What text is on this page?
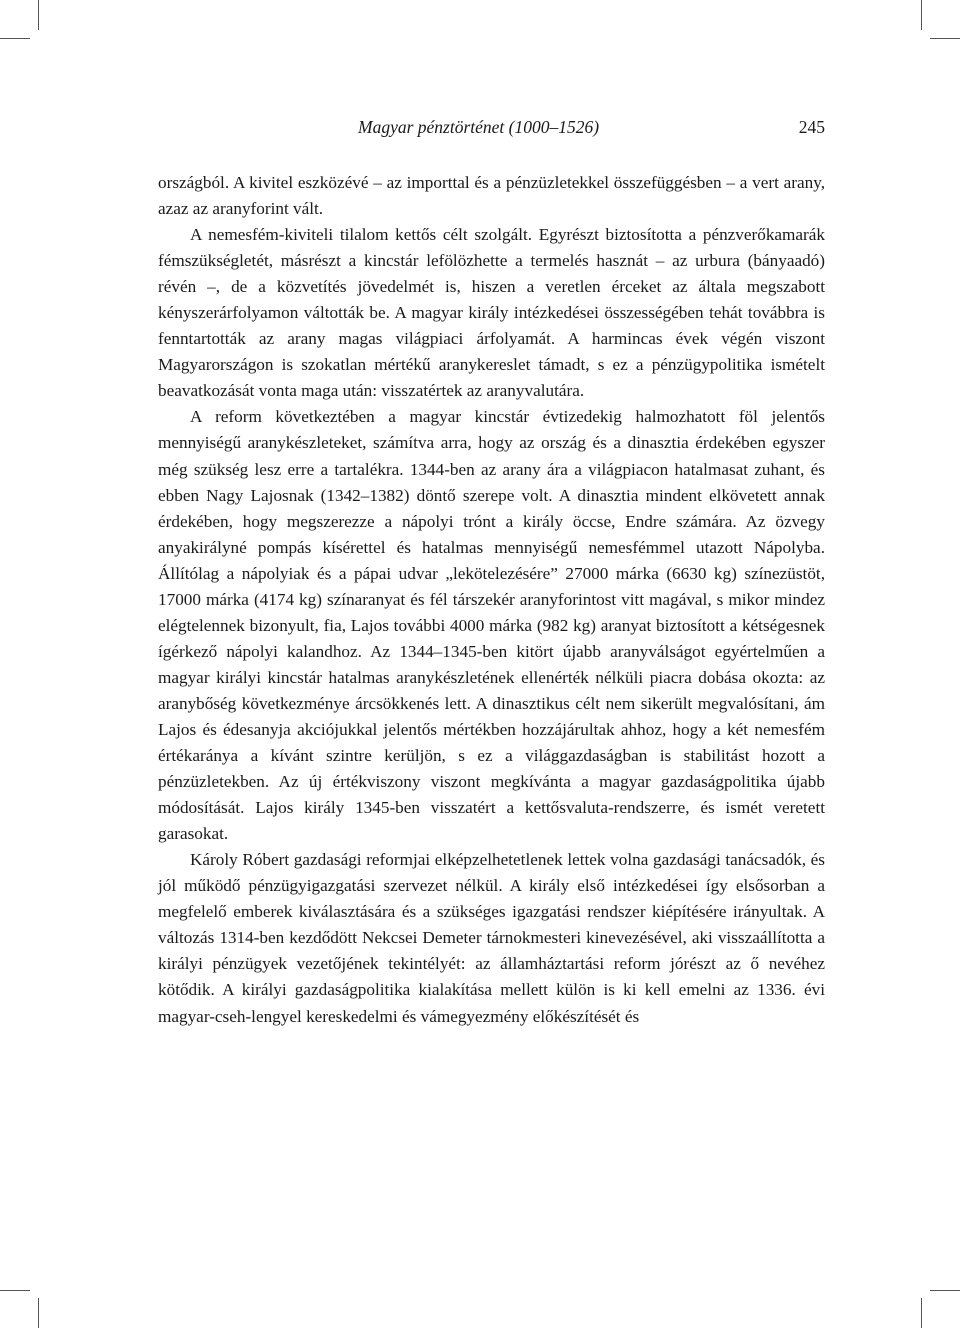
Magyar pénztörténet (1000–1526)	245

országból. A kivitel eszközévé – az importtal és a pénzüzletekkel összefüggésben – a vert arany, azaz az aranyforint vált.

A nemesfém-kiviteli tilalom kettős célt szolgált. Egyrészt biztosította a pénzverőkamarák fémszükségletét, másrészt a kincstár lefölözhette a termelés hasznát – az urbura (bányaadó) révén –, de a közvetítés jövedelmét is, hiszen a veretlen érceket az általa megszabott kényszerárfolyamon váltották be. A magyar király intézkedései összességében tehát továbbra is fenntartották az arany magas világpiaci árfolyamát. A harmincas évek végén viszont Magyarországon is szokatlan mértékű aranykereslet támadt, s ez a pénzügypolitika ismételt beavatkozását vonta maga után: visszatértek az aranyvalutára.

A reform következtében a magyar kincstár évtizedekig halmozhatott föl jelentős mennyiségű aranykészleteket, számítva arra, hogy az ország és a dinasztia érdekében egyszer még szükség lesz erre a tartalékra. 1344-ben az arany ára a világpiacon hatalmasat zuhant, és ebben Nagy Lajosnak (1342–1382) döntő szerepe volt. A dinasztia mindent elkövetett annak érdekében, hogy megszerezze a nápolyi trónt a király öccse, Endre számára. Az özvegy anyakirályné pompás kísérettel és hatalmas mennyiségű nemesfémmel utazott Nápolyba. Állítólag a nápolyiak és a pápai udvar „lekötelezésére” 27000 márka (6630 kg) színezüstöt, 17000 márka (4174 kg) színaranyat és fél társzekér aranyforintost vitt magával, s mikor mindez elégtelennek bizonyult, fia, Lajos további 4000 márka (982 kg) aranyat biztosított a kétségesnek ígérkező nápolyi kalandhoz. Az 1344–1345-ben kitört újabb aranyválságot egyértelműen a magyar királyi kincstár hatalmas aranykészletének ellenérték nélküli piacra dobása okozta: az aranybőség következménye árcsökkenés lett. A dinasztikus célt nem sikerült megvalósítani, ám Lajos és édesanyja akciójukkal jelentős mértékben hozzájárultak ahhoz, hogy a két nemesfém értékaránya a kívánt szintre kerüljön, s ez a világgazdaságban is stabilitást hozott a pénzüzletekben. Az új értékviszony viszont megkívánta a magyar gazdaságpolitika újabb módosítását. Lajos király 1345-ben visszatért a kettősvaluta-rendszerre, és ismét veretett garasokat.

Károly Róbert gazdasági reformjai elképzelhetetlenek lettek volna gazdasági tanácsadók, és jól működő pénzügyigazgatási szervezet nélkül. A király első intézkedései így elsősorban a megfelelő emberek kiválasztására és a szükséges igazgatási rendszer kiépítésére irányultak. A változás 1314-ben kezdődött Nekcsei Demeter tárnokmesteri kinevezésével, aki visszaállította a királyi pénzügyek vezetőjének tekintélyét: az államháztartási reform jórészt az ő nevéhez kötődik. A királyi gazdaságpolitika kialakítása mellett külön is ki kell emelni az 1336. évi magyar-cseh-lengyel kereskedelmi és vámegyezmény előkészítését és
